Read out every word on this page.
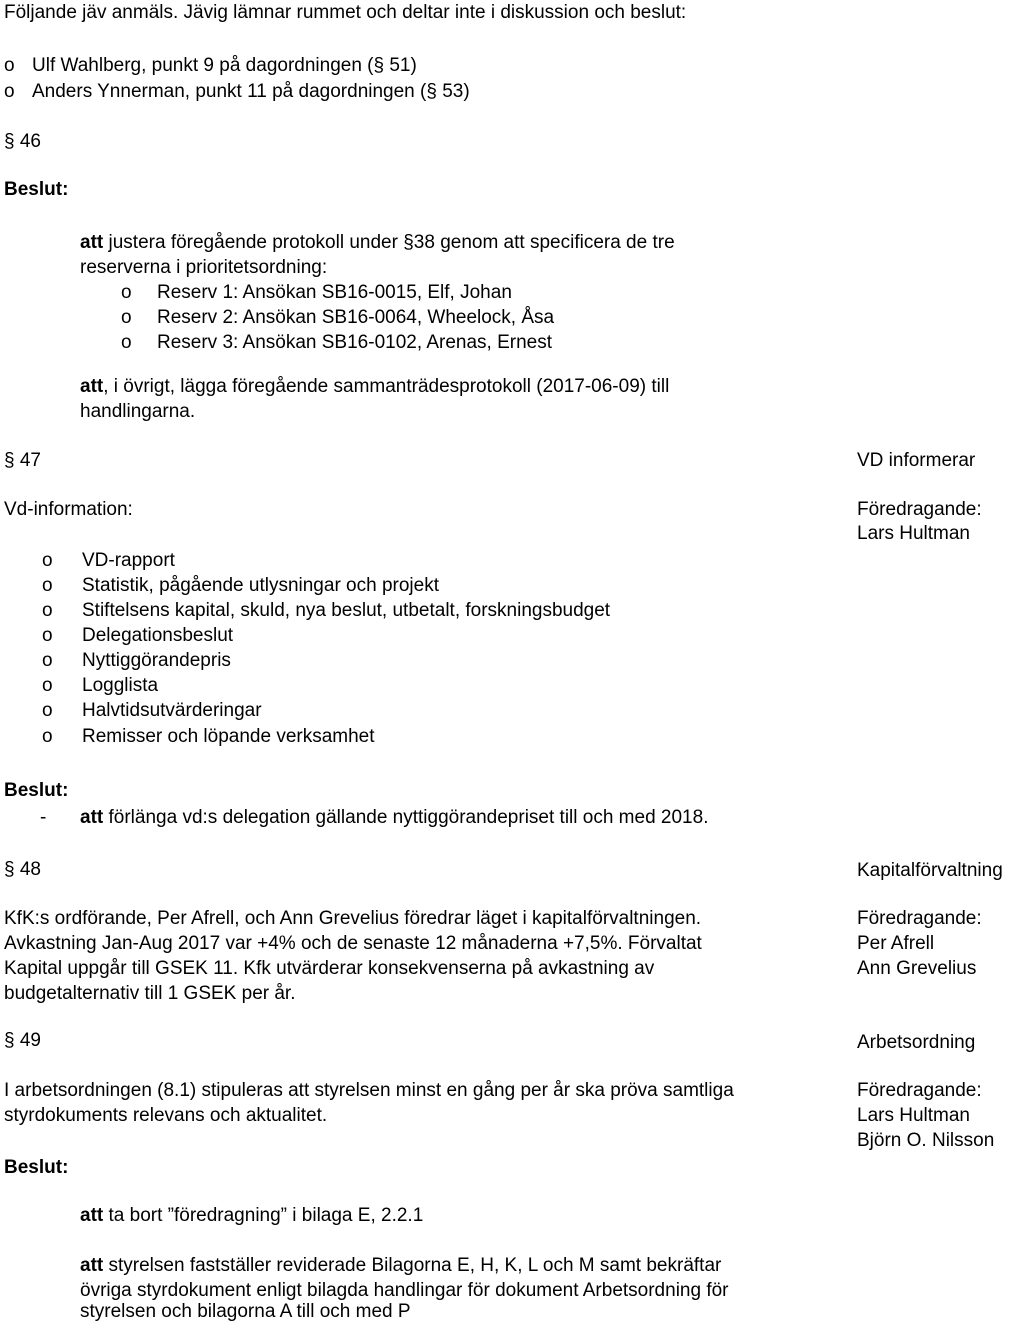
Följande jäv anmäls. Jävig lämnar rummet och deltar inte i diskussion och beslut:
o Ulf Wahlberg, punkt 9 på dagordningen (§ 51)
o Anders Ynnerman, punkt 11 på dagordningen (§ 53)
§ 46
Beslut:
att justera föregående protokoll under §38 genom att specificera de tre
reserverna i prioritetsordning:
o Reserv 1: Ansökan SB16-0015, Elf, Johan
o Reserv 2: Ansökan SB16-0064, Wheelock, Åsa
o Reserv 3: Ansökan SB16-0102, Arenas, Ernest
att, i övrigt, lägga föregående sammanträdesprotokoll (2017-06-09) till
handlingarna.
§ 47	VD informerar
Vd-information:	Föredragande:
Lars Hultman
o VD-rapport
o Statistik, pågående utlysningar och projekt
o Stiftelsens kapital, skuld, nya beslut, utbetalt, forskningsbudget
o Delegationsbeslut
o Nyttiggörandepris
o Logglista
o Halvtidsutvärderingar
o Remisser och löpande verksamhet
Beslut:
- att förlänga vd:s delegation gällande nyttiggörandepriset till och med 2018.
§ 48	Kapitalförvaltning
KfK:s ordförande, Per Afrell, och Ann Grevelius föredrar läget i kapitalförvaltningen.
Avkastning Jan-Aug 2017 var +4% och de senaste 12 månaderna +7,5%. Förvaltat
Kapital uppgår till GSEK 11. Kfk utvärderar konsekvenserna på avkastning av
budgetalternativ till 1 GSEK per år.
Föredragande:
Per Afrell
Ann Grevelius
§ 49	Arbetsordning
I arbetsordningen (8.1) stipuleras att styrelsen minst en gång per år ska pröva samtliga
styrdokuments relevans och aktualitet.
Föredragande:
Lars Hultman
Björn O. Nilsson
Beslut:
att ta bort ”föredragning” i bilaga E, 2.2.1
att styrelsen fastställer reviderade Bilagorna E, H, K, L och M samt bekräftar
övriga styrdokument enligt bilagda handlingar för dokument Arbetsordning för
styrelsen och bilagorna A till och med P
